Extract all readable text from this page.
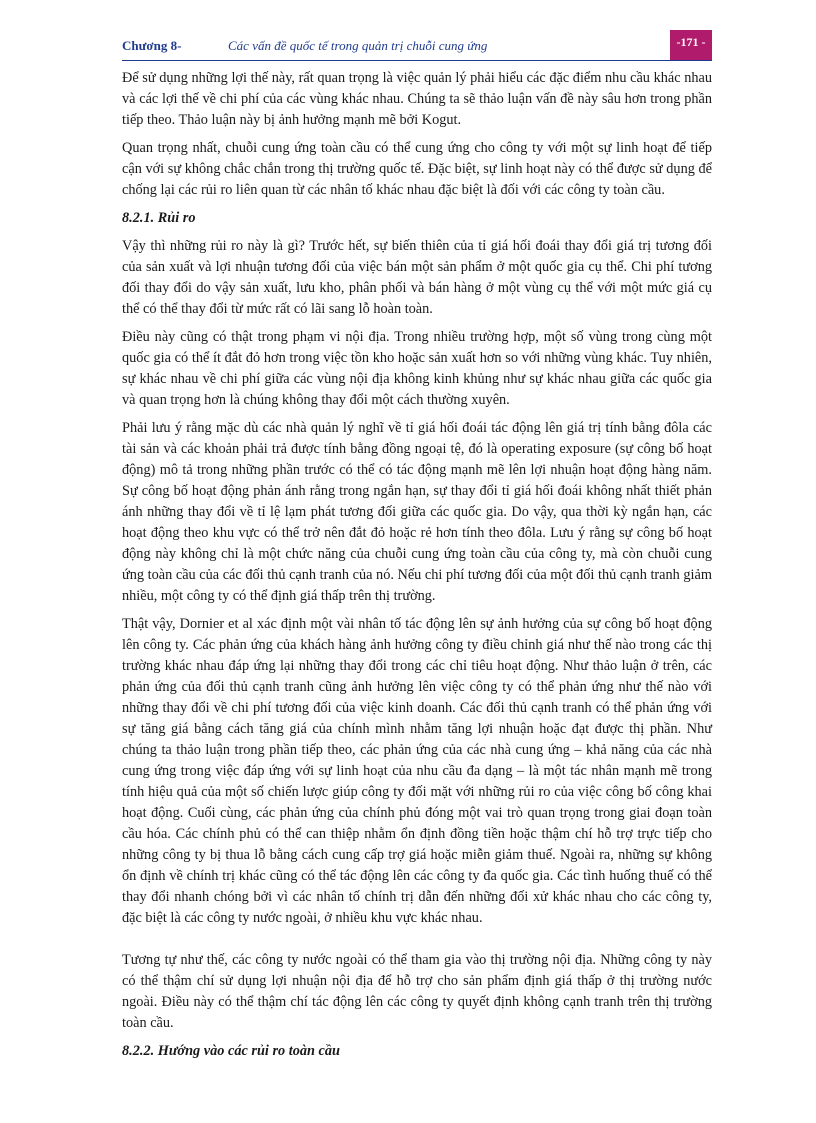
Chương 8-	Các vấn đề quốc tế trong quản trị chuỗi cung ứng	-171 -

Để sử dụng những lợi thế này, rất quan trọng là việc quản lý phải hiểu các đặc điểm nhu cầu khác nhau và các lợi thế về chi phí của các vùng khác nhau. Chúng ta sẽ thảo luận vấn đề này sâu hơn trong phần tiếp theo. Thảo luận này bị ảnh hưởng mạnh mẽ bởi Kogut.

Quan trọng nhất, chuỗi cung ứng toàn cầu có thể cung ứng cho công ty với một sự linh hoạt để tiếp cận với sự không chắc chắn trong thị trường quốc tế. Đặc biệt, sự linh hoạt này có thể được sử dụng để chống lại các rủi ro liên quan từ các nhân tố khác nhau đặc biệt là đối với các công ty toàn cầu.

8.2.1. Rủi ro

Vậy thì những rủi ro này là gì? Trước hết, sự biến thiên của tỉ giá hối đoái thay đổi giá trị tương đối của sản xuất và lợi nhuận tương đối của việc bán một sản phẩm ở một quốc gia cụ thể. Chi phí tương đối thay đổi do vậy sản xuất, lưu kho, phân phối và bán hàng ở một vùng cụ thể với một mức giá cụ thể có thể thay đổi từ mức rất có lãi sang lỗ hoàn toàn.

Điều này cũng có thật trong phạm vi nội địa. Trong nhiều trường hợp, một số vùng trong cùng một quốc gia có thể ít đắt đỏ hơn trong việc tồn kho hoặc sản xuất hơn so với những vùng khác. Tuy nhiên, sự khác nhau về chi phí giữa các vùng nội địa không kinh khủng như sự khác nhau giữa các quốc gia và quan trọng hơn là chúng không thay đổi một cách thường xuyên.

Phải lưu ý rằng mặc dù các nhà quản lý nghĩ về tỉ giá hối đoái tác động lên giá trị tính bằng đôla các tài sản và các khoản phải trả được tính bằng đồng ngoại tệ, đó là operating exposure (sự công bố hoạt động) mô tả trong những phần trước có thể có tác động mạnh mẽ lên lợi nhuận hoạt động hàng năm. Sự công bố hoạt động phản ánh rằng trong ngắn hạn, sự thay đổi tỉ giá hối đoái không nhất thiết phản ánh những thay đổi về tỉ lệ lạm phát tương đối giữa các quốc gia. Do vậy, qua thời kỳ ngắn hạn, các hoạt động theo khu vực có thể trở nên đắt đỏ hoặc rẻ hơn tính theo đôla. Lưu ý rằng sự công bố hoạt động này không chỉ là một chức năng của chuỗi cung ứng toàn cầu của công ty, mà còn chuỗi cung ứng toàn cầu của các đối thủ cạnh tranh của nó. Nếu chi phí tương đối của một đối thủ cạnh tranh giảm nhiều, một công ty có thể định giá thấp trên thị trường.

Thật vậy, Dornier et al xác định một vài nhân tố tác động lên sự ảnh hưởng của sự công bố hoạt động lên công ty. Các phản ứng của khách hàng ảnh hưởng công ty điều chỉnh giá như thế nào trong các thị trường khác nhau đáp ứng lại những thay đổi trong các chỉ tiêu hoạt động. Như thảo luận ở trên, các phản ứng của đối thủ cạnh tranh cũng ảnh hưởng lên việc công ty có thể phản ứng như thế nào với những thay đổi về chi phí tương đối của việc kinh doanh. Các đối thủ cạnh tranh có thể phản ứng với sự tăng giá bằng cách tăng giá của chính mình nhằm tăng lợi nhuận hoặc đạt được thị phần. Như chúng ta thảo luận trong phần tiếp theo, các phản ứng của các nhà cung ứng – khả năng của các nhà cung ứng trong việc đáp ứng với sự linh hoạt của nhu cầu đa dạng – là một tác nhân mạnh mẽ trong tính hiệu quả của một số chiến lược giúp công ty đối mặt với những rủi ro của việc công bố công khai hoạt động. Cuối cùng, các phản ứng của chính phủ đóng một vai trò quan trọng trong giai đoạn toàn cầu hóa. Các chính phủ có thể can thiệp nhằm ổn định đồng tiền hoặc thậm chí hỗ trợ trực tiếp cho những công ty bị thua lỗ bằng cách cung cấp trợ giá hoặc miễn giảm thuế. Ngoài ra, những sự không ổn định về chính trị khác cũng có thể tác động lên các công ty đa quốc gia. Các tình huống thuế có thể thay đổi nhanh chóng bởi vì các nhân tố chính trị dẫn đến những đối xử khác nhau cho các công ty, đặc biệt là các công ty nước ngoài, ở nhiều khu vực khác nhau.

Tương tự như thế, các công ty nước ngoài có thể tham gia vào thị trường nội địa. Những công ty này có thể thậm chí sử dụng lợi nhuận nội địa để hỗ trợ cho sản phẩm định giá thấp ở thị trường nước ngoài. Điều này có thể thậm chí tác động lên các công ty quyết định không cạnh tranh trên thị trường toàn cầu.

8.2.2. Hướng vào các rủi ro toàn cầu
